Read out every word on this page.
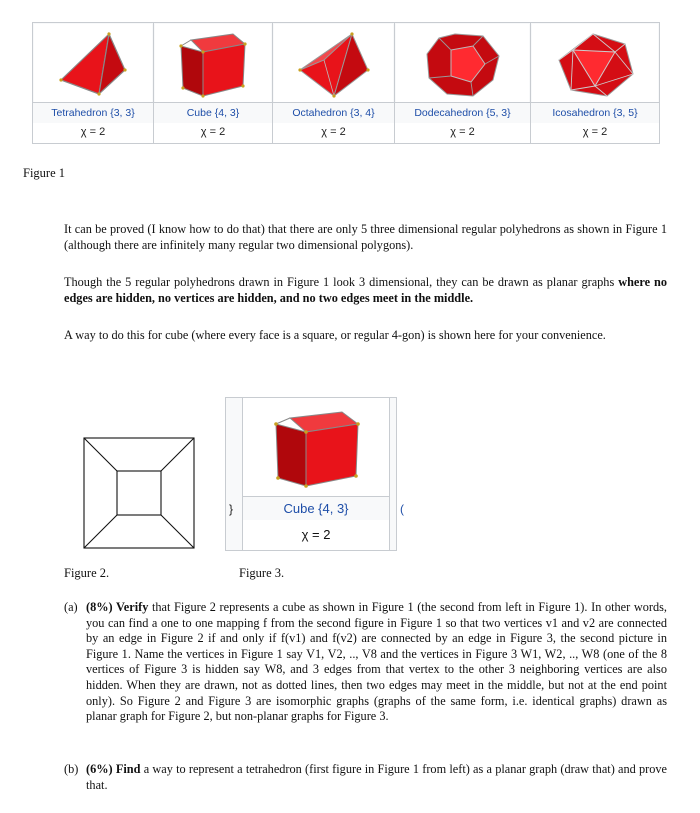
Tetrahedron {3, 3}
χ = 2
Cube {4, 3}
χ = 2
Octahedron {3, 4}
χ = 2
Dodecahedron {5, 3}
χ = 2
Icosahedron {3, 5}
χ = 2
Figure 1

It can be proved (I know how to do that) that there are only 5 three dimensional regular polyhedrons as shown in Figure 1 (although there are infinitely many regular two dimensional polygons).

Though the 5 regular polyhedrons drawn in Figure 1 look 3 dimensional, they can be drawn as planar graphs where no edges are hidden, no vertices are hidden, and no two edges meet in the middle.

A way to do this for cube (where every face is a square, or regular 4-gon) is shown here for your convenience.

Cube {4, 3}
χ = 2
}	(
Figure 2.	Figure 3.
(a) (8%) Verify that Figure 2 represents a cube as shown in Figure 1 (the second from left in Figure 1). In other words, you can find a one to one mapping f from the second figure in Figure 1 so that two vertices v1 and v2 are connected by an edge in Figure 2 if and only if f(v1) and f(v2) are connected by an edge in Figure 3, the second picture in Figure 1. Name the vertices in Figure 1 say V1, V2, .., V8 and the vertices in Figure 3 W1, W2, .., W8 (one of the 8 vertices of Figure 3 is hidden say W8, and 3 edges from that vertex to the other 3 neighboring vertices are also hidden. When they are drawn, not as dotted lines, then two edges may meet in the middle, but not at the end point only). So Figure 2 and Figure 3 are isomorphic graphs (graphs of the same form, i.e. identical graphs) drawn as planar graph for Figure 2, but non-planar graphs for Figure 3.
(b) (6%) Find a way to represent a tetrahedron (first figure in Figure 1 from left) as a planar graph (draw that) and prove that.
